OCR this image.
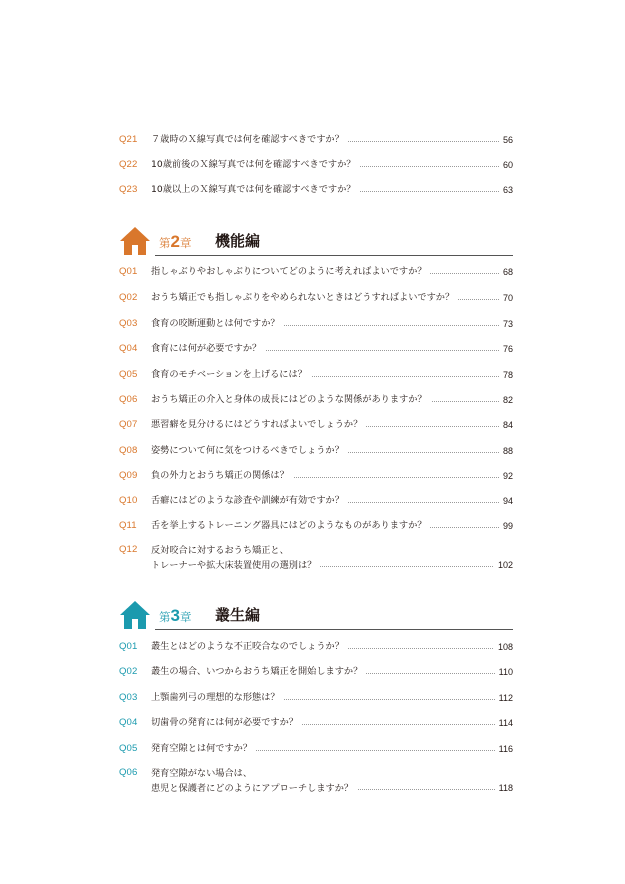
Q21 ７歳時のＸ線写真では何を確認すべきですか？	56
Q22 10歳前後のＸ線写真では何を確認すべきですか？	60
Q23 10歳以上のＸ線写真では何を確認すべきですか？	63
第2章 機能編
Q01 指しゃぶりやおしゃぶりについてどのように考えればよいですか？	68
Q02 おうち矯正でも指しゃぶりをやめられないときはどうすればよいですか？	70
Q03 食育の咬断運動とは何ですか？	73
Q04 食育には何が必要ですか？	76
Q05 食育のモチベーションを上げるには？	78
Q06 おうち矯正の介入と身体の成長にはどのような関係がありますか？	82
Q07 悪習癖を見分けるにはどうすればよいでしょうか？	84
Q08 姿勢について何に気をつけるべきでしょうか？	88
Q09 負の外力とおうち矯正の関係は？	92
Q10 舌癖にはどのような診査や訓練が有効ですか？	94
Q11 舌を挙上するトレーニング器具にはどのようなものがありますか？	99
Q12 反対咬合に対するおうち矯正と、
トレーナーや拡大床装置使用の選別は？	102
第3章 叢生編
Q01 叢生とはどのような不正咬合なのでしょうか？	108
Q02 叢生の場合、いつからおうち矯正を開始しますか？	110
Q03 上顎歯列弓の理想的な形態は？	112
Q04 切歯骨の発育には何が必要ですか？	114
Q05 発育空隙とは何ですか？	116
Q06 発育空隙がない場合は、
患児と保護者にどのようにアプローチしますか？	118
